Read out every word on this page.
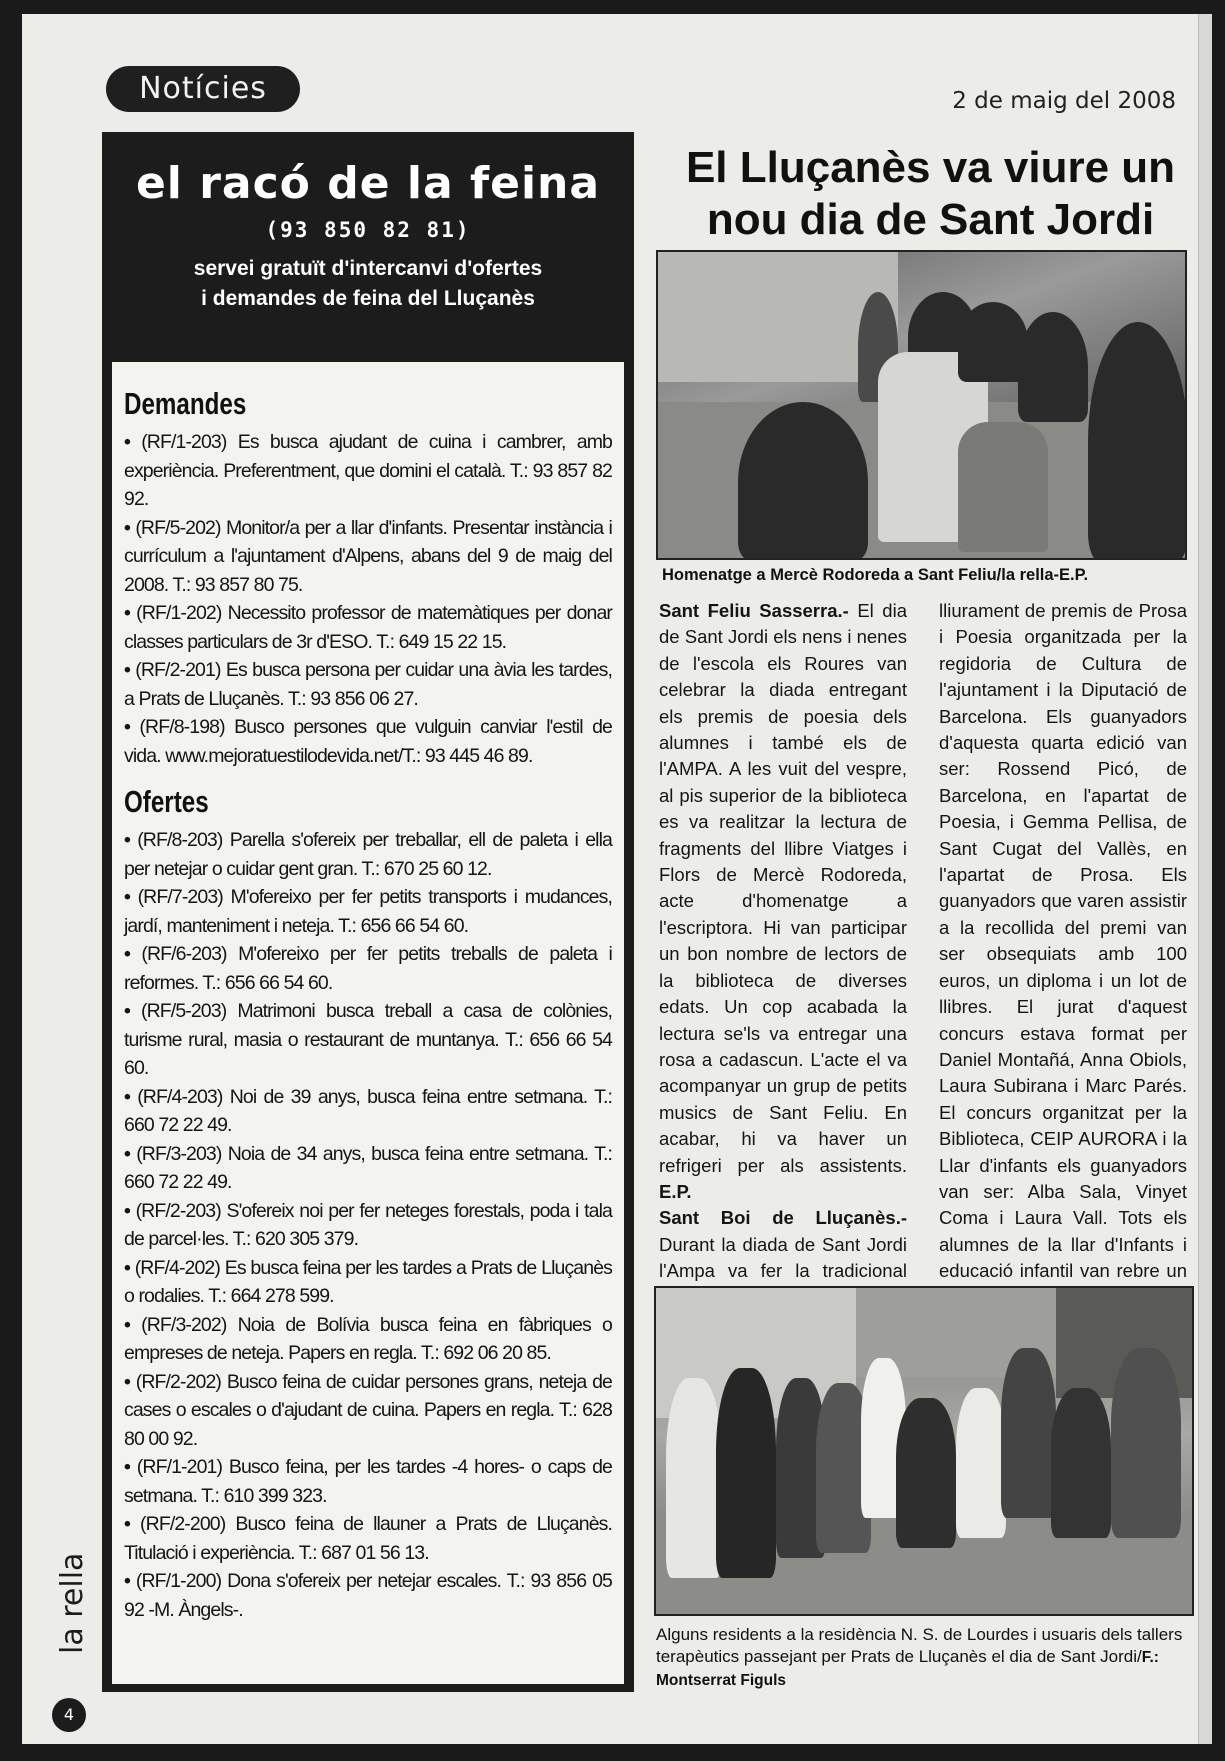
Notícies	2 de maig del 2008
el racó de la feina
(93 850 82 81)
servei gratuït d'intercanvi d'ofertes
i demandes de feina del Lluçanès
Demandes
• (RF/1-203) Es busca ajudant de cuina i cambrer, amb experiència. Preferentment, que domini el català. T.: 93 857 82 92.
• (RF/5-202) Monitor/a per a llar d'infants. Presentar instància i currículum a l'ajuntament d'Alpens, abans del 9 de maig del 2008. T.: 93 857 80 75.
• (RF/1-202) Necessito professor de matemàtiques per donar classes particulars de 3r d'ESO. T.: 649 15 22 15.
• (RF/2-201) Es busca persona per cuidar una àvia les tardes, a Prats de Lluçanès. T.: 93 856 06 27.
• (RF/8-198) Busco persones que vulguin canviar l'estil de vida. www.mejoratuestilodevida.net/T.: 93 445 46 89.
Ofertes
• (RF/8-203) Parella s'ofereix per treballar, ell de paleta i ella per netejar o cuidar gent gran. T.: 670 25 60 12.
• (RF/7-203) M'ofereixo per fer petits transports i mudances, jardí, manteniment i neteja. T.: 656 66 54 60.
• (RF/6-203) M'ofereixo per fer petits treballs de paleta i reformes. T.: 656 66 54 60.
• (RF/5-203) Matrimoni busca treball a casa de colònies, turisme rural, masia o restaurant de muntanya. T.: 656 66 54 60.
• (RF/4-203) Noi de 39 anys, busca feina entre setmana. T.: 660 72 22 49.
• (RF/3-203) Noia de 34 anys, busca feina entre setmana. T.: 660 72 22 49.
• (RF/2-203) S'ofereix noi per fer neteges forestals, poda i tala de parcel·les. T.: 620 305 379.
• (RF/4-202) Es busca feina per les tardes a Prats de Lluçanès o rodalies. T.: 664 278 599.
• (RF/3-202) Noia de Bolívia busca feina en fàbriques o empreses de neteja. Papers en regla. T.: 692 06 20 85.
• (RF/2-202) Busco feina de cuidar persones grans, neteja de cases o escales o d'ajudant de cuina. Papers en regla. T.: 628 80 00 92.
• (RF/1-201) Busco feina, per les tardes -4 hores- o caps de setmana. T.: 610 399 323.
• (RF/2-200) Busco feina de llauner a Prats de Lluçanès. Titulació i experiència. T.: 687 01 56 13.
• (RF/1-200) Dona s'ofereix per netejar escales. T.: 93 856 05 92 -M. Àngels-.
El Lluçanès va viure un nou dia de Sant Jordi
Homenatge a Mercè Rodoreda a Sant Feliu/la rella-E.P.

Sant Feliu Sasserra.- El dia de Sant Jordi els nens i nenes de l'escola els Roures van celebrar la diada entregant els premis de poesia dels alumnes i també els de l'AMPA. A les vuit del vespre, al pis superior de la biblioteca es va realitzar la lectura de fragments del llibre Viatges i Flors de Mercè Rodoreda, acte d'homenatge a l'escriptora. Hi van participar un bon nombre de lectors de la biblioteca de diverses edats. Un cop acabada la lectura se'ls va entregar una rosa a cadascun. L'acte el va acompanyar un grup de petits musics de Sant Feliu. En acabar, hi va haver un refrigeri per als assistents. E.P.

Sant Boi de Lluçanès.- Durant la diada de Sant Jordi l'Ampa va fer la tradicional

lliurament de premis de Prosa i Poesia organitzada per la regidoria de Cultura de l'ajuntament i la Diputació de Barcelona. Els guanyadors d'aquesta quarta edició van ser: Rossend Picó, de Barcelona, en l'apartat de Poesia, i Gemma Pellisa, de Sant Cugat del Vallès, en l'apartat de Prosa. Els guanyadors que varen assistir a la recollida del premi van ser obsequiats amb 100 euros, un diploma i un lot de llibres. El jurat d'aquest concurs estava format per Daniel Montañá, Anna Obiols, Laura Subirana i Marc Parés. El concurs organitzat per la Biblioteca, CEIP AURORA i la Llar d'infants els guanyadors van ser: Alba Sala, Vinyet Coma i Laura Vall. Tots els alumnes de la llar d'Infants i educació infantil van rebre un

Alguns residents a la residència N. S. de Lourdes i usuaris dels tallers terapèutics passejant per Prats de Lluçanès el dia de Sant Jordi/F.: Montserrat Figuls
la rella
4
